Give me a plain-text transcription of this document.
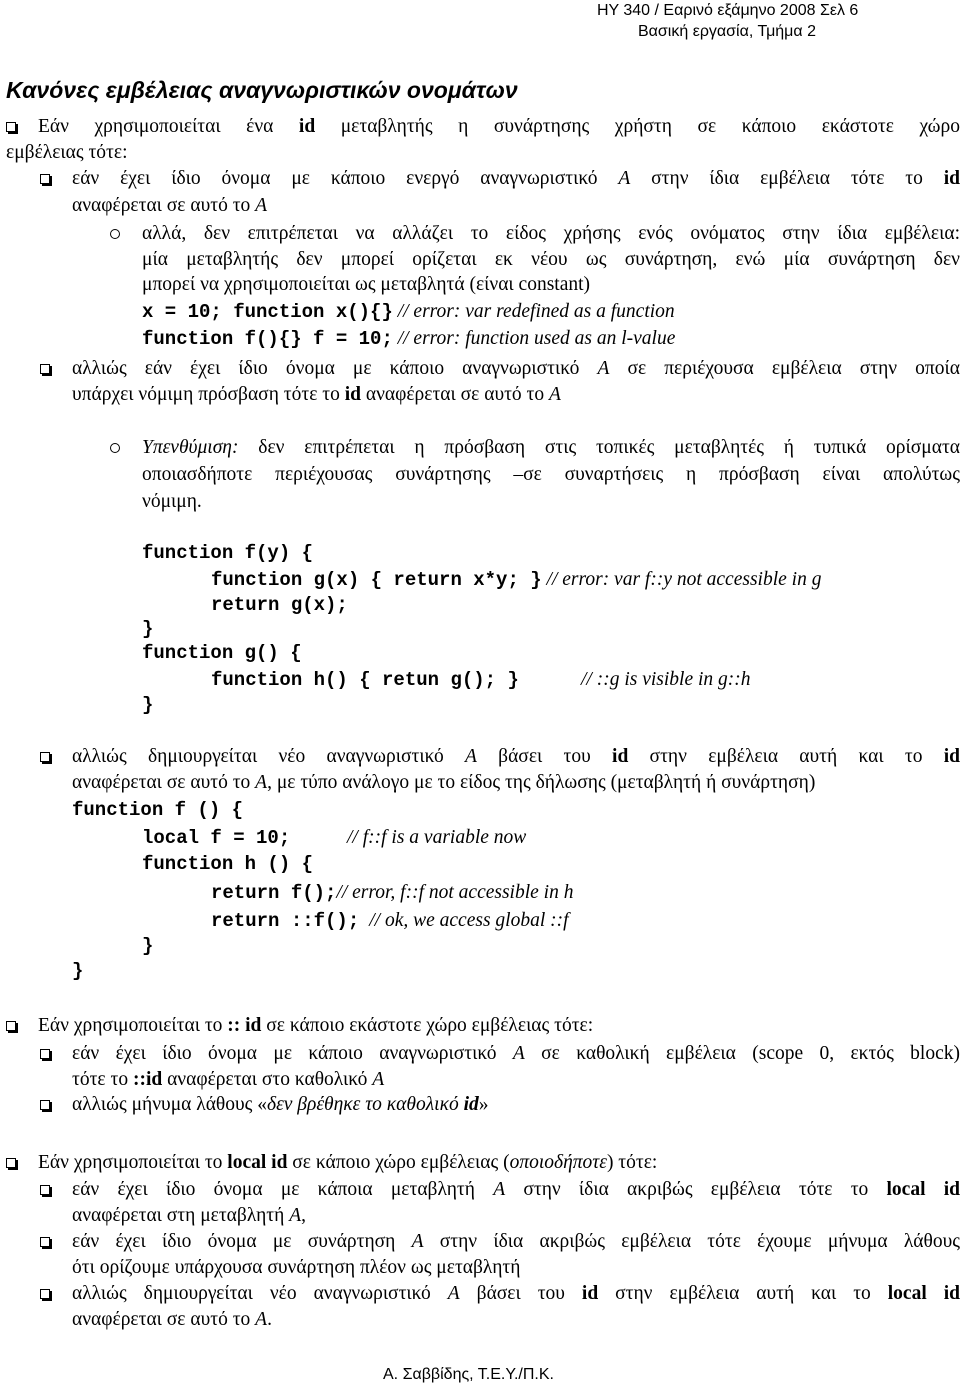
ΗΥ 340 / Εαρινό εξάμηνο 2008 Σελ 6
Βασική εργασία, Τμήμα 2
Κανόνες εμβέλειας αναγνωριστικών ονομάτων
Εάν χρησιμοποιείται ένα id μεταβλητής η συνάρτησης χρήστη σε κάποιο εκάστοτε χώρο
εμβέλειας τότε:
εάν έχει ίδιο όνομα με κάποιο ενεργό αναγνωριστικό Α στην ίδια εμβέλεια τότε το id
αναφέρεται σε αυτό το Α
αλλά, δεν επιτρέπεται να αλλάζει το είδος χρήσης ενός ονόματος στην ίδια εμβέλεια:
μία μεταβλητής δεν μπορεί ορίζεται εκ νέου ως συνάρτηση, ενώ μία συνάρτηση δεν
μπορεί να χρησιμοποιείται ως μεταβλητά (είναι constant)
x = 10; function x(){} // error: var redefined as a function
function f(){} f = 10; // error: function used as an l-value
αλλιώς εάν έχει ίδιο όνομα με κάποιο αναγνωριστικό Α σε περιέχουσα εμβέλεια στην οποία
υπάρχει νόμιμη πρόσβαση τότε το id αναφέρεται σε αυτό το Α
Υπενθύμιση: δεν επιτρέπεται η πρόσβαση στις τοπικές μεταβλητές ή τυπικά ορίσματα
οποιασδήποτε περιέχουσας συνάρτησης –σε συναρτήσεις η πρόσβαση είναι απολύτως
νόμιμη.
function f(y) {
function g(x) { return x*y; } // error: var f::y not accessible in g
return g(x);
}
function g() {
function h() { retun g(); }	// ::g is visible in g::h
}
αλλιώς δημιουργείται νέο αναγνωριστικό Α βάσει του id στην εμβέλεια αυτή και το id
αναφέρεται σε αυτό το Α, με τύπο ανάλογο με το είδος της δήλωσης (μεταβλητή ή συνάρτηση)
function f () {
local f = 10;	// f::f is a variable now
function h () {
return f();// error, f::f not accessible in h
return ::f(); // ok, we access global ::f
}
}
Εάν χρησιμοποιείται το :: id σε κάποιο εκάστοτε χώρο εμβέλειας τότε:
εάν έχει ίδιο όνομα με κάποιο αναγνωριστικό Α σε καθολική εμβέλεια (scope 0, εκτός block)
τότε το ::id αναφέρεται στο καθολικό Α
αλλιώς μήνυμα λάθους «δεν βρέθηκε το καθολικό id»
Εάν χρησιμοποιείται το local id σε κάποιο χώρο εμβέλειας (οποιοδήποτε) τότε:
εάν έχει ίδιο όνομα με κάποια μεταβλητή Α στην ίδια ακριβώς εμβέλεια τότε το local id
αναφέρεται στη μεταβλητή Α,
εάν έχει ίδιο όνομα με συνάρτηση Α στην ίδια ακριβώς εμβέλεια τότε έχουμε μήνυμα λάθους
ότι ορίζουμε υπάρχουσα συνάρτηση πλέον ως μεταβλητή
αλλιώς δημιουργείται νέο αναγνωριστικό Α βάσει του id στην εμβέλεια αυτή και το local id
αναφέρεται σε αυτό το Α.
Α. Σαββίδης, Τ.Ε.Υ./Π.Κ.
